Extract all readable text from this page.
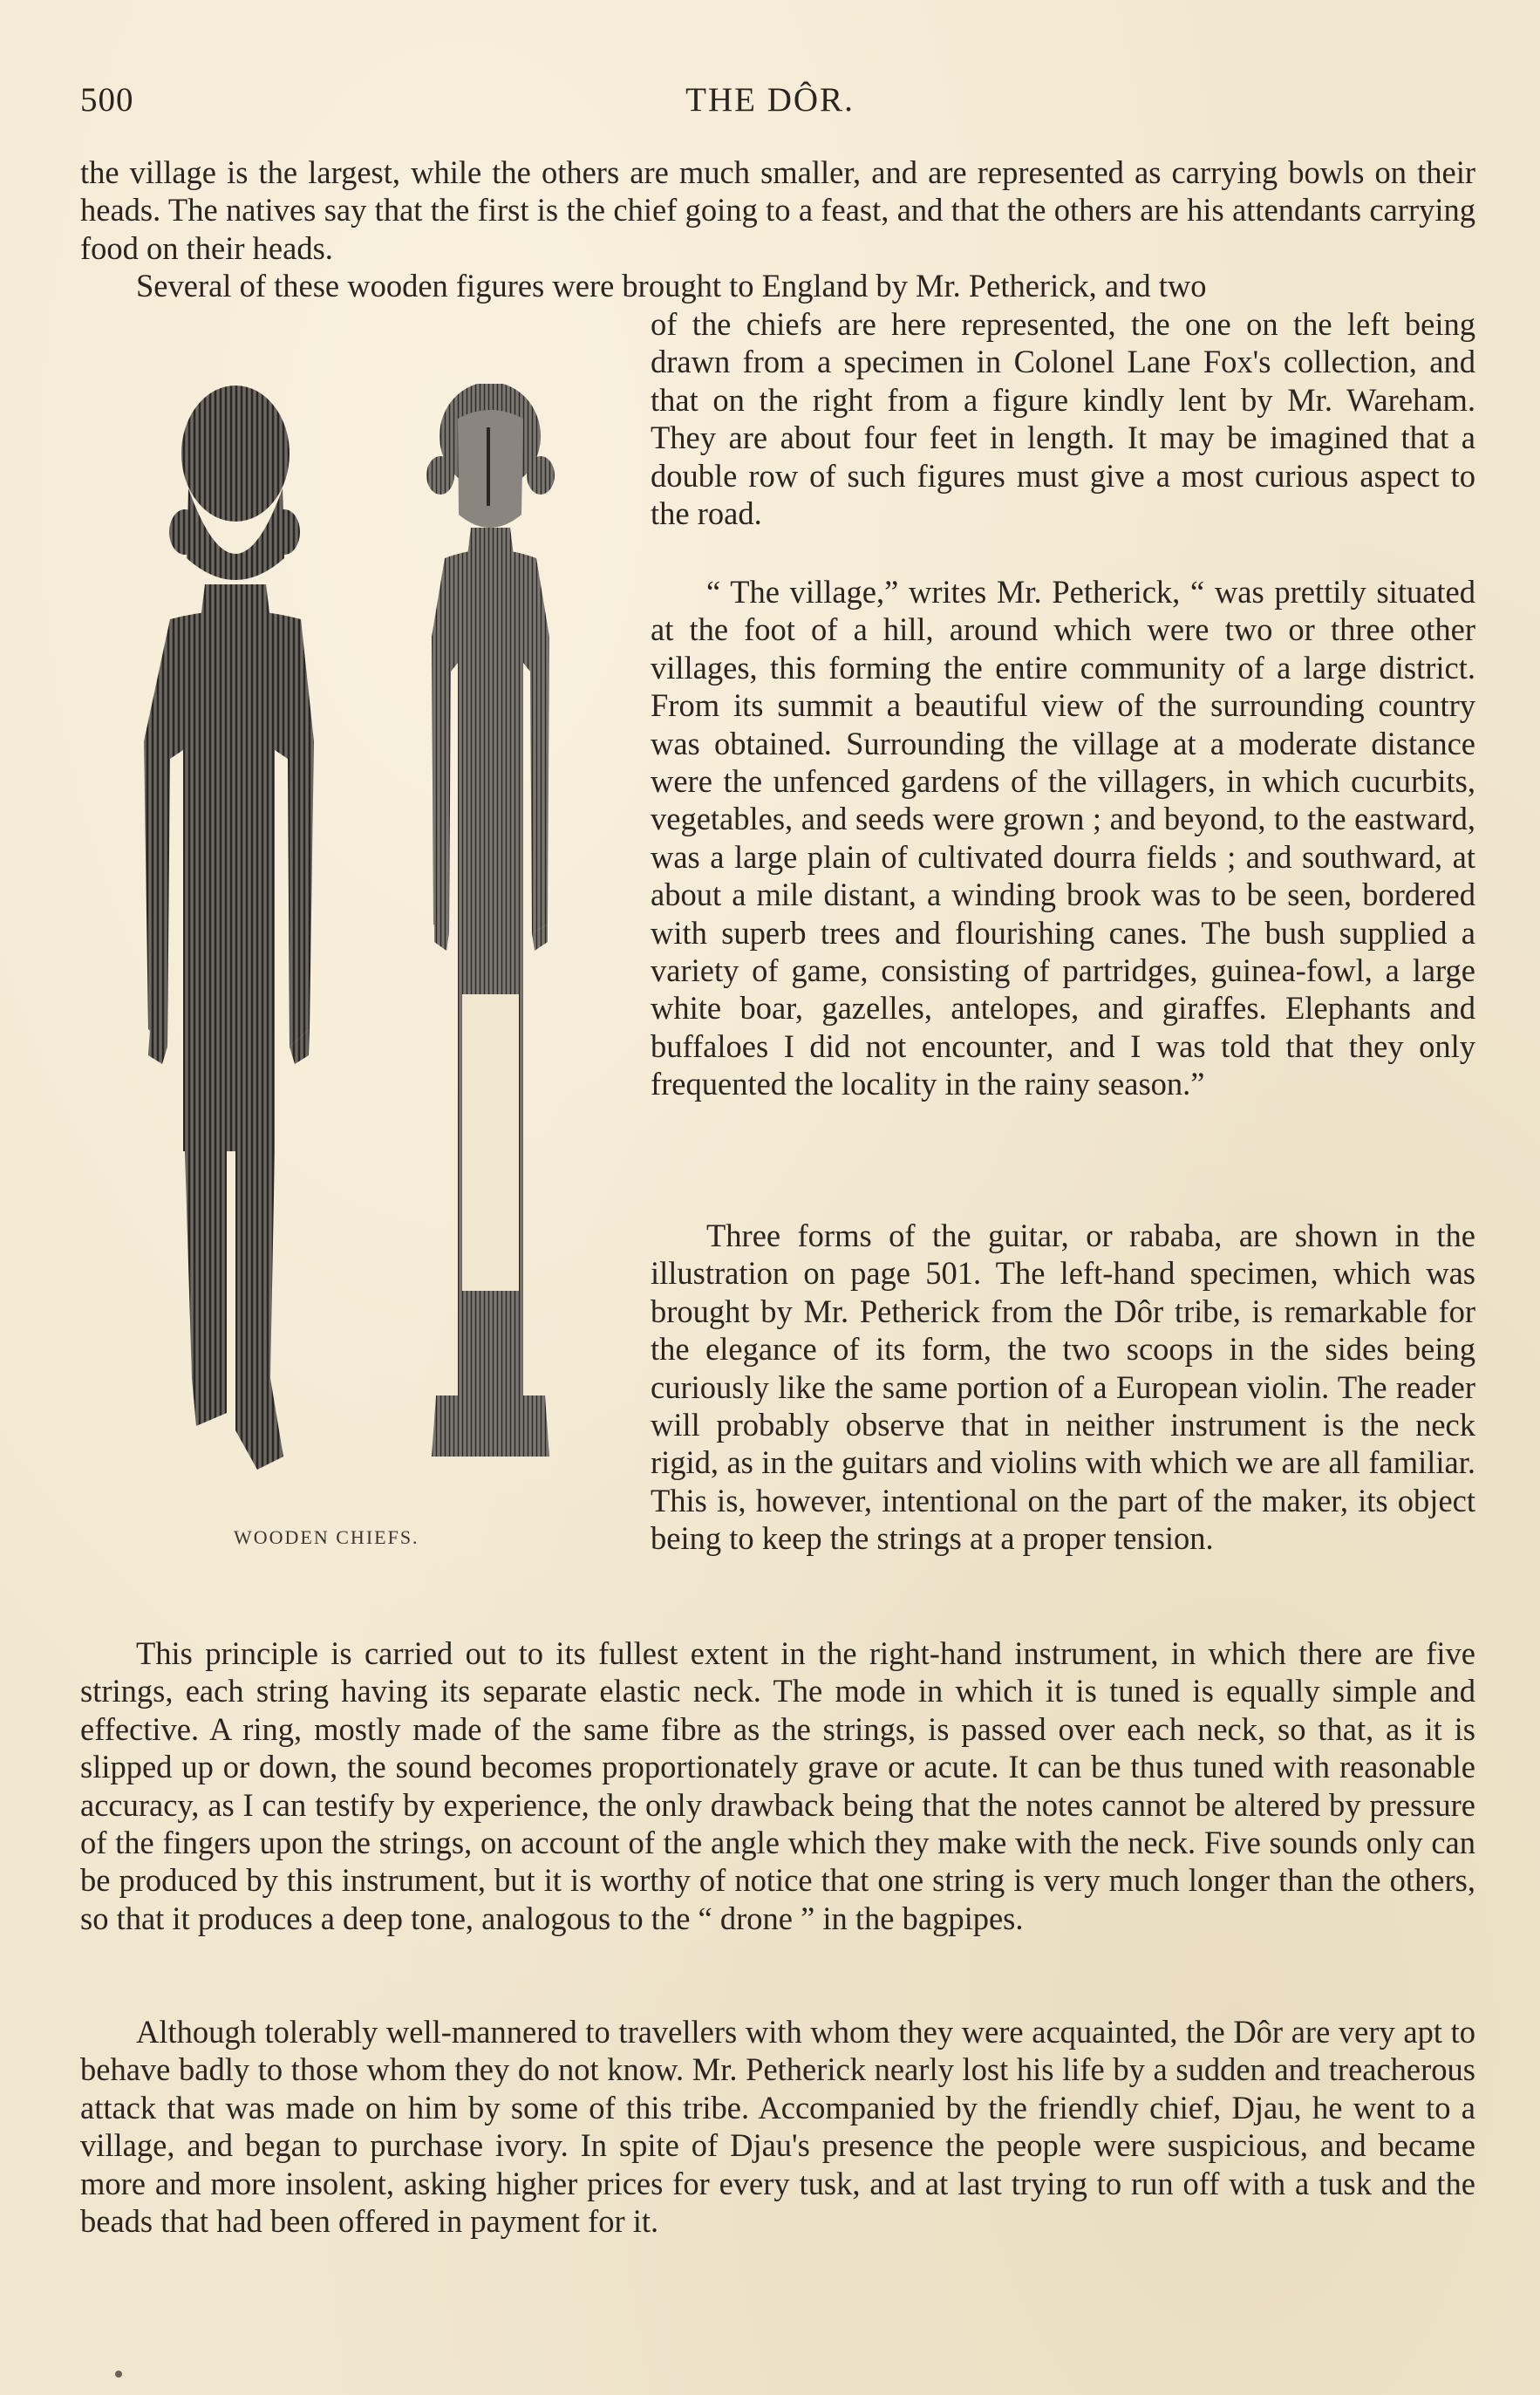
500	THE DÔR.

the village is the largest, while the others are much smaller, and are represented as carrying bowls on their heads. The natives say that the first is the chief going to a feast, and that the others are his attendants carrying food on their heads.

Several of these wooden figures were brought to England by Mr. Petherick, and two

of the chiefs are here represented, the one on the left being drawn from a specimen in Colonel Lane Fox's collection, and that on the right from a figure kindly lent by Mr. Wareham. They are about four feet in length. It may be imagined that a double row of such figures must give a most curious aspect to the road.

“ The village,” writes Mr. Petherick, “ was prettily situated at the foot of a hill, around which were two or three other villages, this forming the entire community of a large district. From its summit a beautiful view of the surrounding country was obtained. Surrounding the village at a moderate distance were the unfenced gardens of the villagers, in which cucurbits, vegetables, and seeds were grown ; and beyond, to the eastward, was a large plain of cultivated dourra fields ; and southward, at about a mile distant, a winding brook was to be seen, bordered with superb trees and flourishing canes. The bush supplied a variety of game, consisting of partridges, guinea-fowl, a large white boar, gazelles, antelopes, and giraffes. Elephants and buffaloes I did not encounter, and I was told that they only frequented the locality in the rainy season.”

Three forms of the guitar, or rababa, are shown in the illustration on page 501. The left-hand specimen, which was brought by Mr. Petherick from the Dôr tribe, is remarkable for the elegance of its form, the two scoops in the sides being curiously like the same portion of a European violin. The reader will probably observe that in neither instrument is the neck rigid, as in the guitars and violins with which we are all familiar. This is, however, intentional on the part of the maker, its object being to keep the strings at a proper tension.

This principle is carried out to its fullest extent in the right-hand instrument, in which there are five strings, each string having its separate elastic neck. The mode in which it is tuned is equally simple and effective. A ring, mostly made of the same fibre as the strings, is passed over each neck, so that, as it is slipped up or down, the sound becomes proportionately grave or acute. It can be thus tuned with reasonable accuracy, as I can testify by experience, the only drawback being that the notes cannot be altered by pressure of the fingers upon the strings, on account of the angle which they make with the neck. Five sounds only can be produced by this instrument, but it is worthy of notice that one string is very much longer than the others, so that it produces a deep tone, analogous to the “ drone ” in the bagpipes.

Although tolerably well-mannered to travellers with whom they were acquainted, the Dôr are very apt to behave badly to those whom they do not know. Mr. Petherick nearly lost his life by a sudden and treacherous attack that was made on him by some of this tribe. Accompanied by the friendly chief, Djau, he went to a village, and began to purchase ivory. In spite of Djau's presence the people were suspicious, and became more and more insolent, asking higher prices for every tusk, and at last trying to run off with a tusk and the beads that had been offered in payment for it.

WOODEN CHIEFS.
